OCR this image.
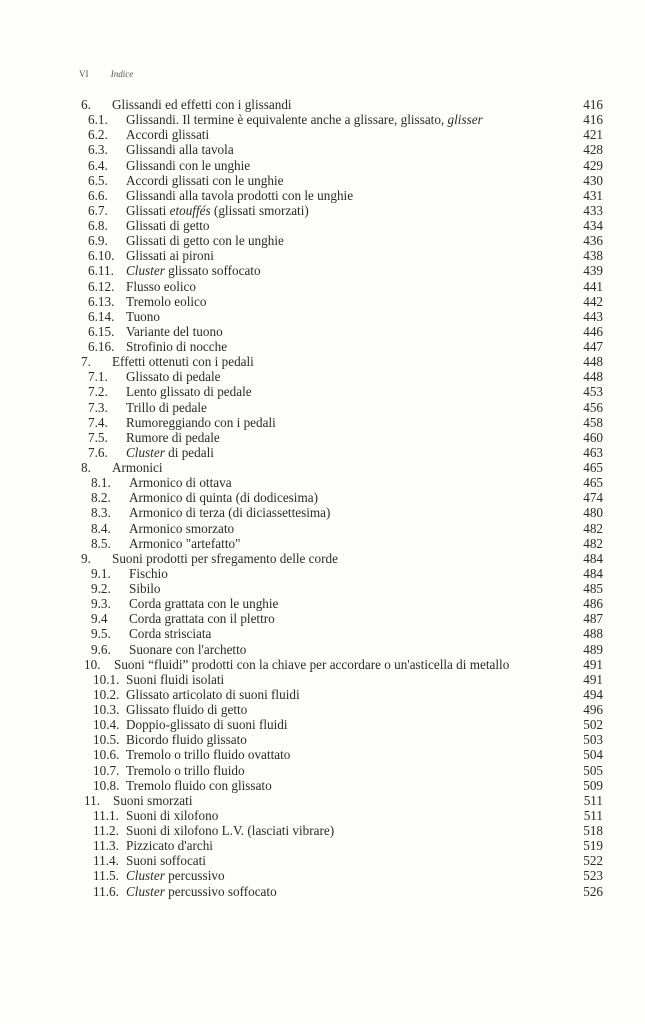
VI Indice
6. Glissandi ed effetti con i glissandi	416
6.1. Glissandi. Il termine è equivalente anche a glissare, glissato, glisser	416
6.2. Accordi glissati	421
6.3. Glissandi alla tavola	428
6.4. Glissandi con le unghie	429
6.5. Accordi glissati con le unghie	430
6.6. Glissandi alla tavola prodotti con le unghie	431
6.7. Glissati etouffés (glissati smorzati)	433
6.8. Glissati di getto	434
6.9. Glissati di getto con le unghie	436
6.10. Glissati ai pironi	438
6.11. Cluster glissato soffocato	439
6.12. Flusso eolico	441
6.13. Tremolo eolico	442
6.14. Tuono	443
6.15. Variante del tuono	446
6.16. Strofinio di nocche	447
7. Effetti ottenuti con i pedali	448
7.1. Glissato di pedale	448
7.2. Lento glissato di pedale	453
7.3. Trillo di pedale	456
7.4. Rumoreggiando con i pedali	458
7.5. Rumore di pedale	460
7.6. Cluster di pedali	463
8. Armonici	465
8.1. Armonico di ottava	465
8.2. Armonico di quinta (di dodicesima)	474
8.3. Armonico di terza (di diciassettesima)	480
8.4. Armonico smorzato	482
8.5. Armonico "artefatto"	482
9. Suoni prodotti per sfregamento delle corde	484
9.1. Fischio	484
9.2. Sibilo	485
9.3. Corda grattata con le unghie	486
9.4 Corda grattata con il plettro	487
9.5. Corda strisciata	488
9.6. Suonare con l'archetto	489
10. Suoni “fluidi” prodotti con la chiave per accordare o un'asticella di metallo	491
10.1. Suoni fluidi isolati	491
10.2. Glissato articolato di suoni fluidi	494
10.3. Glissato fluido di getto	496
10.4. Doppio-glissato di suoni fluidi	502
10.5. Bicordo fluido glissato	503
10.6. Tremolo o trillo fluido ovattato	504
10.7. Tremolo o trillo fluido	505
10.8. Tremolo fluido con glissato	509
11. Suoni smorzati	511
11.1. Suoni di xilofono	511
11.2. Suoni di xilofono L.V. (lasciati vibrare)	518
11.3. Pizzicato d'archi	519
11.4. Suoni soffocati	522
11.5. Cluster percussivo	523
11.6. Cluster percussivo soffocato	526
